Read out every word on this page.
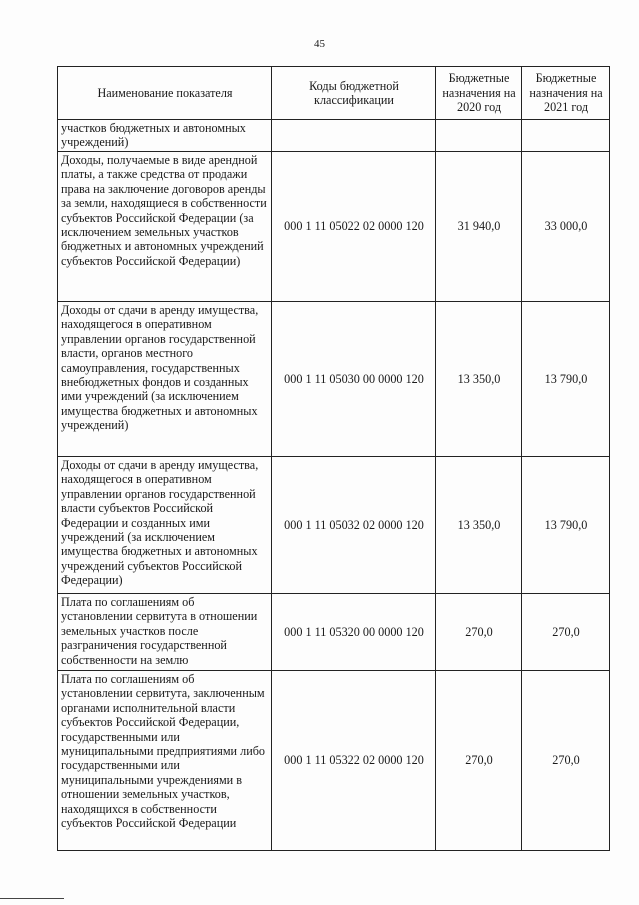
45
Наименование показателя	Коды бюджетной классификации	Бюджетные назначения на 2020 год	Бюджетные назначения на 2021 год
участков бюджетных и автономных учреждений)			
Доходы, получаемые в виде арендной платы, а также средства от продажи права на заключение договоров аренды за земли, находящиеся в собственности субъектов Российской Федерации (за исключением земельных участков бюджетных и автономных учреждений субъектов Российской Федерации)	000 1 11 05022 02 0000 120	31 940,0	33 000,0
Доходы от сдачи в аренду имущества, находящегося в оперативном управлении органов государственной власти, органов местного самоуправления, государственных внебюджетных фондов и созданных ими учреждений (за исключением имущества бюджетных и автономных учреждений)	000 1 11 05030 00 0000 120	13 350,0	13 790,0
Доходы от сдачи в аренду имущества, находящегося в оперативном управлении органов государственной власти субъектов Российской Федерации и созданных ими учреждений (за исключением имущества бюджетных и автономных учреждений субъектов Российской Федерации)	000 1 11 05032 02 0000 120	13 350,0	13 790,0
Плата по соглашениям об установлении сервитута в отношении земельных участков после разграничения государственной собственности на землю	000 1 11 05320 00 0000 120	270,0	270,0
Плата по соглашениям об установлении сервитута, заключенным органами исполнительной власти субъектов Российской Федерации, государственными или муниципальными предприятиями либо государственными или муниципальными учреждениями в отношении земельных участков, находящихся в собственности субъектов Российской Федерации	000 1 11 05322 02 0000 120	270,0	270,0
